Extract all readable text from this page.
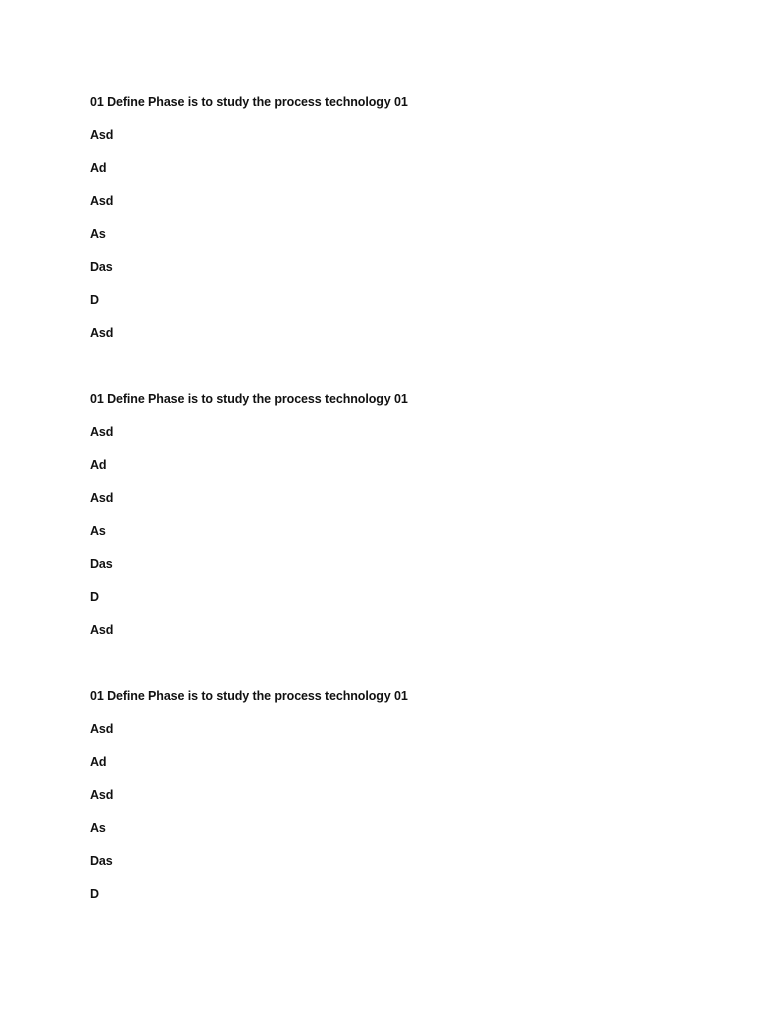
01 Define Phase is to study the process technology 01
Asd
Ad
Asd
As
Das
D
Asd
01 Define Phase is to study the process technology 01
Asd
Ad
Asd
As
Das
D
Asd
01 Define Phase is to study the process technology 01
Asd
Ad
Asd
As
Das
D
